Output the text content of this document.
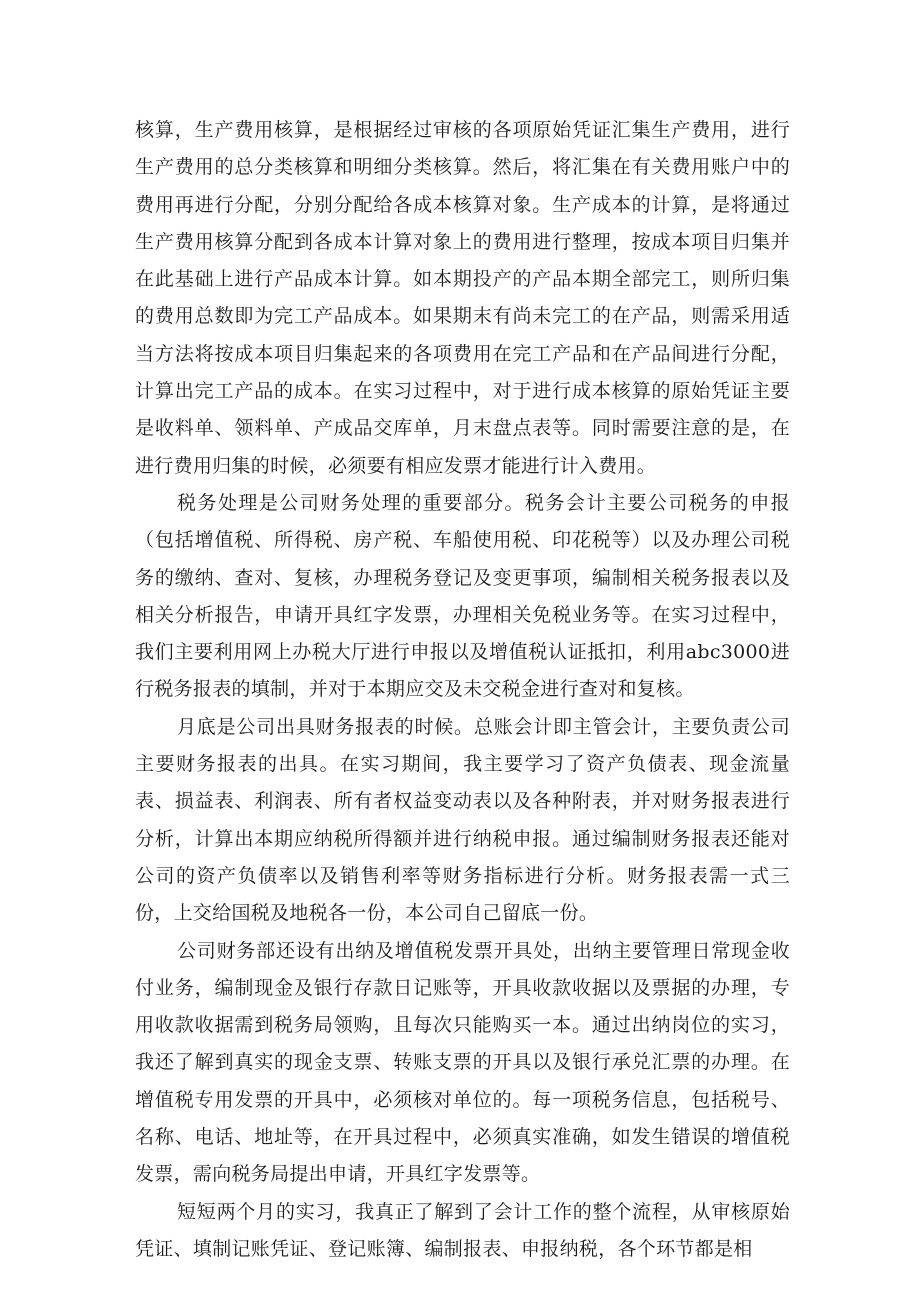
核算，生产费用核算，是根据经过审核的各项原始凭证汇集生产费用，进行生产费用的总分类核算和明细分类核算。然后，将汇集在有关费用账户中的费用再进行分配，分别分配给各成本核算对象。生产成本的计算，是将通过生产费用核算分配到各成本计算对象上的费用进行整理，按成本项目归集并在此基础上进行产品成本计算。如本期投产的产品本期全部完工，则所归集的费用总数即为完工产品成本。如果期末有尚未完工的在产品，则需采用适当方法将按成本项目归集起来的各项费用在完工产品和在产品间进行分配，计算出完工产品的成本。在实习过程中，对于进行成本核算的原始凭证主要是收料单、领料单、产成品交库单，月末盘点表等。同时需要注意的是，在进行费用归集的时候，必须要有相应发票才能进行计入费用。

税务处理是公司财务处理的重要部分。税务会计主要公司税务的申报（包括增值税、所得税、房产税、车船使用税、印花税等）以及办理公司税务的缴纳、查对、复核，办理税务登记及变更事项，编制相关税务报表以及相关分析报告，申请开具红字发票，办理相关免税业务等。在实习过程中，我们主要利用网上办税大厅进行申报以及增值税认证抵扣，利用abc3000进行税务报表的填制，并对于本期应交及未交税金进行查对和复核。

月底是公司出具财务报表的时候。总账会计即主管会计，主要负责公司主要财务报表的出具。在实习期间，我主要学习了资产负债表、现金流量表、损益表、利润表、所有者权益变动表以及各种附表，并对财务报表进行分析，计算出本期应纳税所得额并进行纳税申报。通过编制财务报表还能对公司的资产负债率以及销售利率等财务指标进行分析。财务报表需一式三份，上交给国税及地税各一份，本公司自己留底一份。

公司财务部还设有出纳及增值税发票开具处，出纳主要管理日常现金收付业务，编制现金及银行存款日记账等，开具收款收据以及票据的办理，专用收款收据需到税务局领购，且每次只能购买一本。通过出纳岗位的实习，我还了解到真实的现金支票、转账支票的开具以及银行承兑汇票的办理。在增值税专用发票的开具中，必须核对单位的。每一项税务信息，包括税号、名称、电话、地址等，在开具过程中，必须真实准确，如发生错误的增值税发票，需向税务局提出申请，开具红字发票等。

短短两个月的实习，我真正了解到了会计工作的整个流程，从审核原始凭证、填制记账凭证、登记账簿、编制报表、申报纳税，各个环节都是相
